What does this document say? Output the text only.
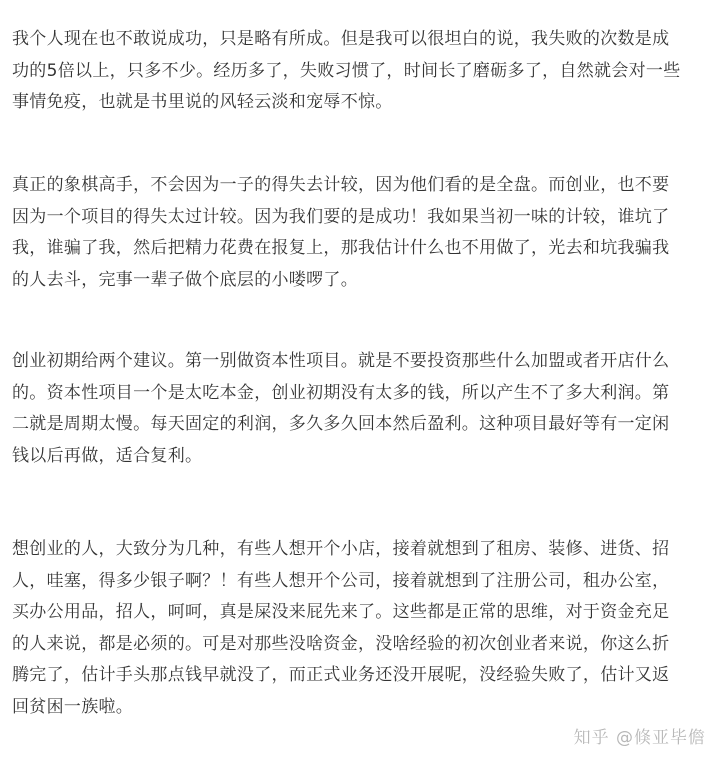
我个人现在也不敢说成功，只是略有所成。但是我可以很坦白的说，我失败的次数是成
功的5倍以上，只多不少。经历多了，失败习惯了，时间长了磨砺多了，自然就会对一些
事情免疫，也就是书里说的风轻云淡和宠辱不惊。

真正的象棋高手，不会因为一子的得失去计较，因为他们看的是全盘。而创业，也不要
因为一个项目的得失太过计较。因为我们要的是成功！我如果当初一味的计较，谁坑了
我，谁骗了我，然后把精力花费在报复上，那我估计什么也不用做了，光去和坑我骗我
的人去斗，完事一辈子做个底层的小喽啰了。

创业初期给两个建议。第一别做资本性项目。就是不要投资那些什么加盟或者开店什么
的。资本性项目一个是太吃本金，创业初期没有太多的钱，所以产生不了多大利润。第
二就是周期太慢。每天固定的利润，多久多久回本然后盈利。这种项目最好等有一定闲
钱以后再做，适合复利。

想创业的人，大致分为几种，有些人想开个小店，接着就想到了租房、装修、进货、招
人，哇塞，得多少银子啊？！有些人想开个公司，接着就想到了注册公司，租办公室，
买办公用品，招人，呵呵，真是屎没来屁先来了。这些都是正常的思维，对于资金充足
的人来说，都是必须的。可是对那些没啥资金，没啥经验的初次创业者来说，你这么折
腾完了，估计手头那点钱早就没了，而正式业务还没开展呢，没经验失败了，估计又返
回贫困一族啦。

知乎 @倏亚毕儋
